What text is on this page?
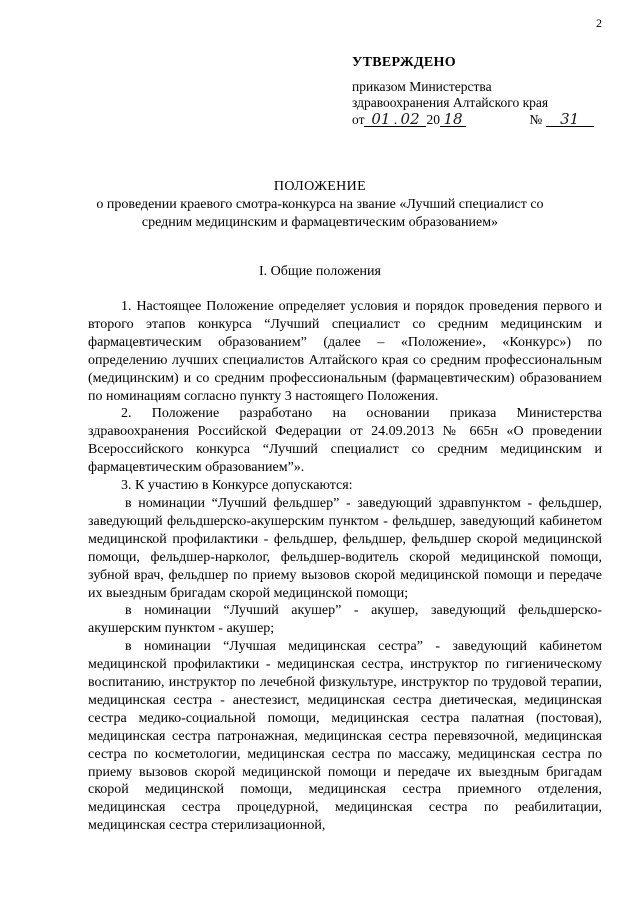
2
УТВЕРЖДЕНО
приказом Министерства
здравоохранения Алтайского края
от 01 . 02 20 18	№ 31
ПОЛОЖЕНИЕ
о проведении краевого смотра-конкурса на звание «Лучший специалист со
средним медицинским и фармацевтическим образованием»
I. Общие положения

1. Настоящее Положение определяет условия и порядок проведения первого и второго этапов конкурса “Лучший специалист со средним медицинским и фармацевтическим образованием” (далее – «Положение», «Конкурс») по определению лучших специалистов Алтайского края со средним профессиональным (медицинским) и со средним профессиональным (фармацевтическим) образованием по номинациям согласно пункту 3 настоящего Положения.

2. Положение разработано на основании приказа Министерства здравоохранения Российской Федерации от 24.09.2013 № 665н «О проведении Всероссийского конкурса “Лучший специалист со средним медицинским и фармацевтическим образованием”».

3. К участию в Конкурсе допускаются:

в номинации “Лучший фельдшер” - заведующий здравпунктом - фельдшер, заведующий фельдшерско-акушерским пунктом - фельдшер, заведующий кабинетом медицинской профилактики - фельдшер, фельдшер, фельдшер скорой медицинской помощи, фельдшер-нарколог, фельдшер-водитель скорой медицинской помощи, зубной врач, фельдшер по приему вызовов скорой медицинской помощи и передаче их выездным бригадам скорой медицинской помощи;

в номинации “Лучший акушер” - акушер, заведующий фельдшерско-акушерским пунктом - акушер;

в номинации “Лучшая медицинская сестра” - заведующий кабинетом медицинской профилактики - медицинская сестра, инструктор по гигиеническому воспитанию, инструктор по лечебной физкультуре, инструктор по трудовой терапии, медицинская сестра - анестезист, медицинская сестра диетическая, медицинская сестра медико-социальной помощи, медицинская сестра палатная (постовая), медицинская сестра патронажная, медицинская сестра перевязочной, медицинская сестра по косметологии, медицинская сестра по массажу, медицинская сестра по приему вызовов скорой медицинской помощи и передаче их выездным бригадам скорой медицинской помощи, медицинская сестра приемного отделения, медицинская сестра процедурной, медицинская сестра по реабилитации, медицинская сестра стерилизационной,
